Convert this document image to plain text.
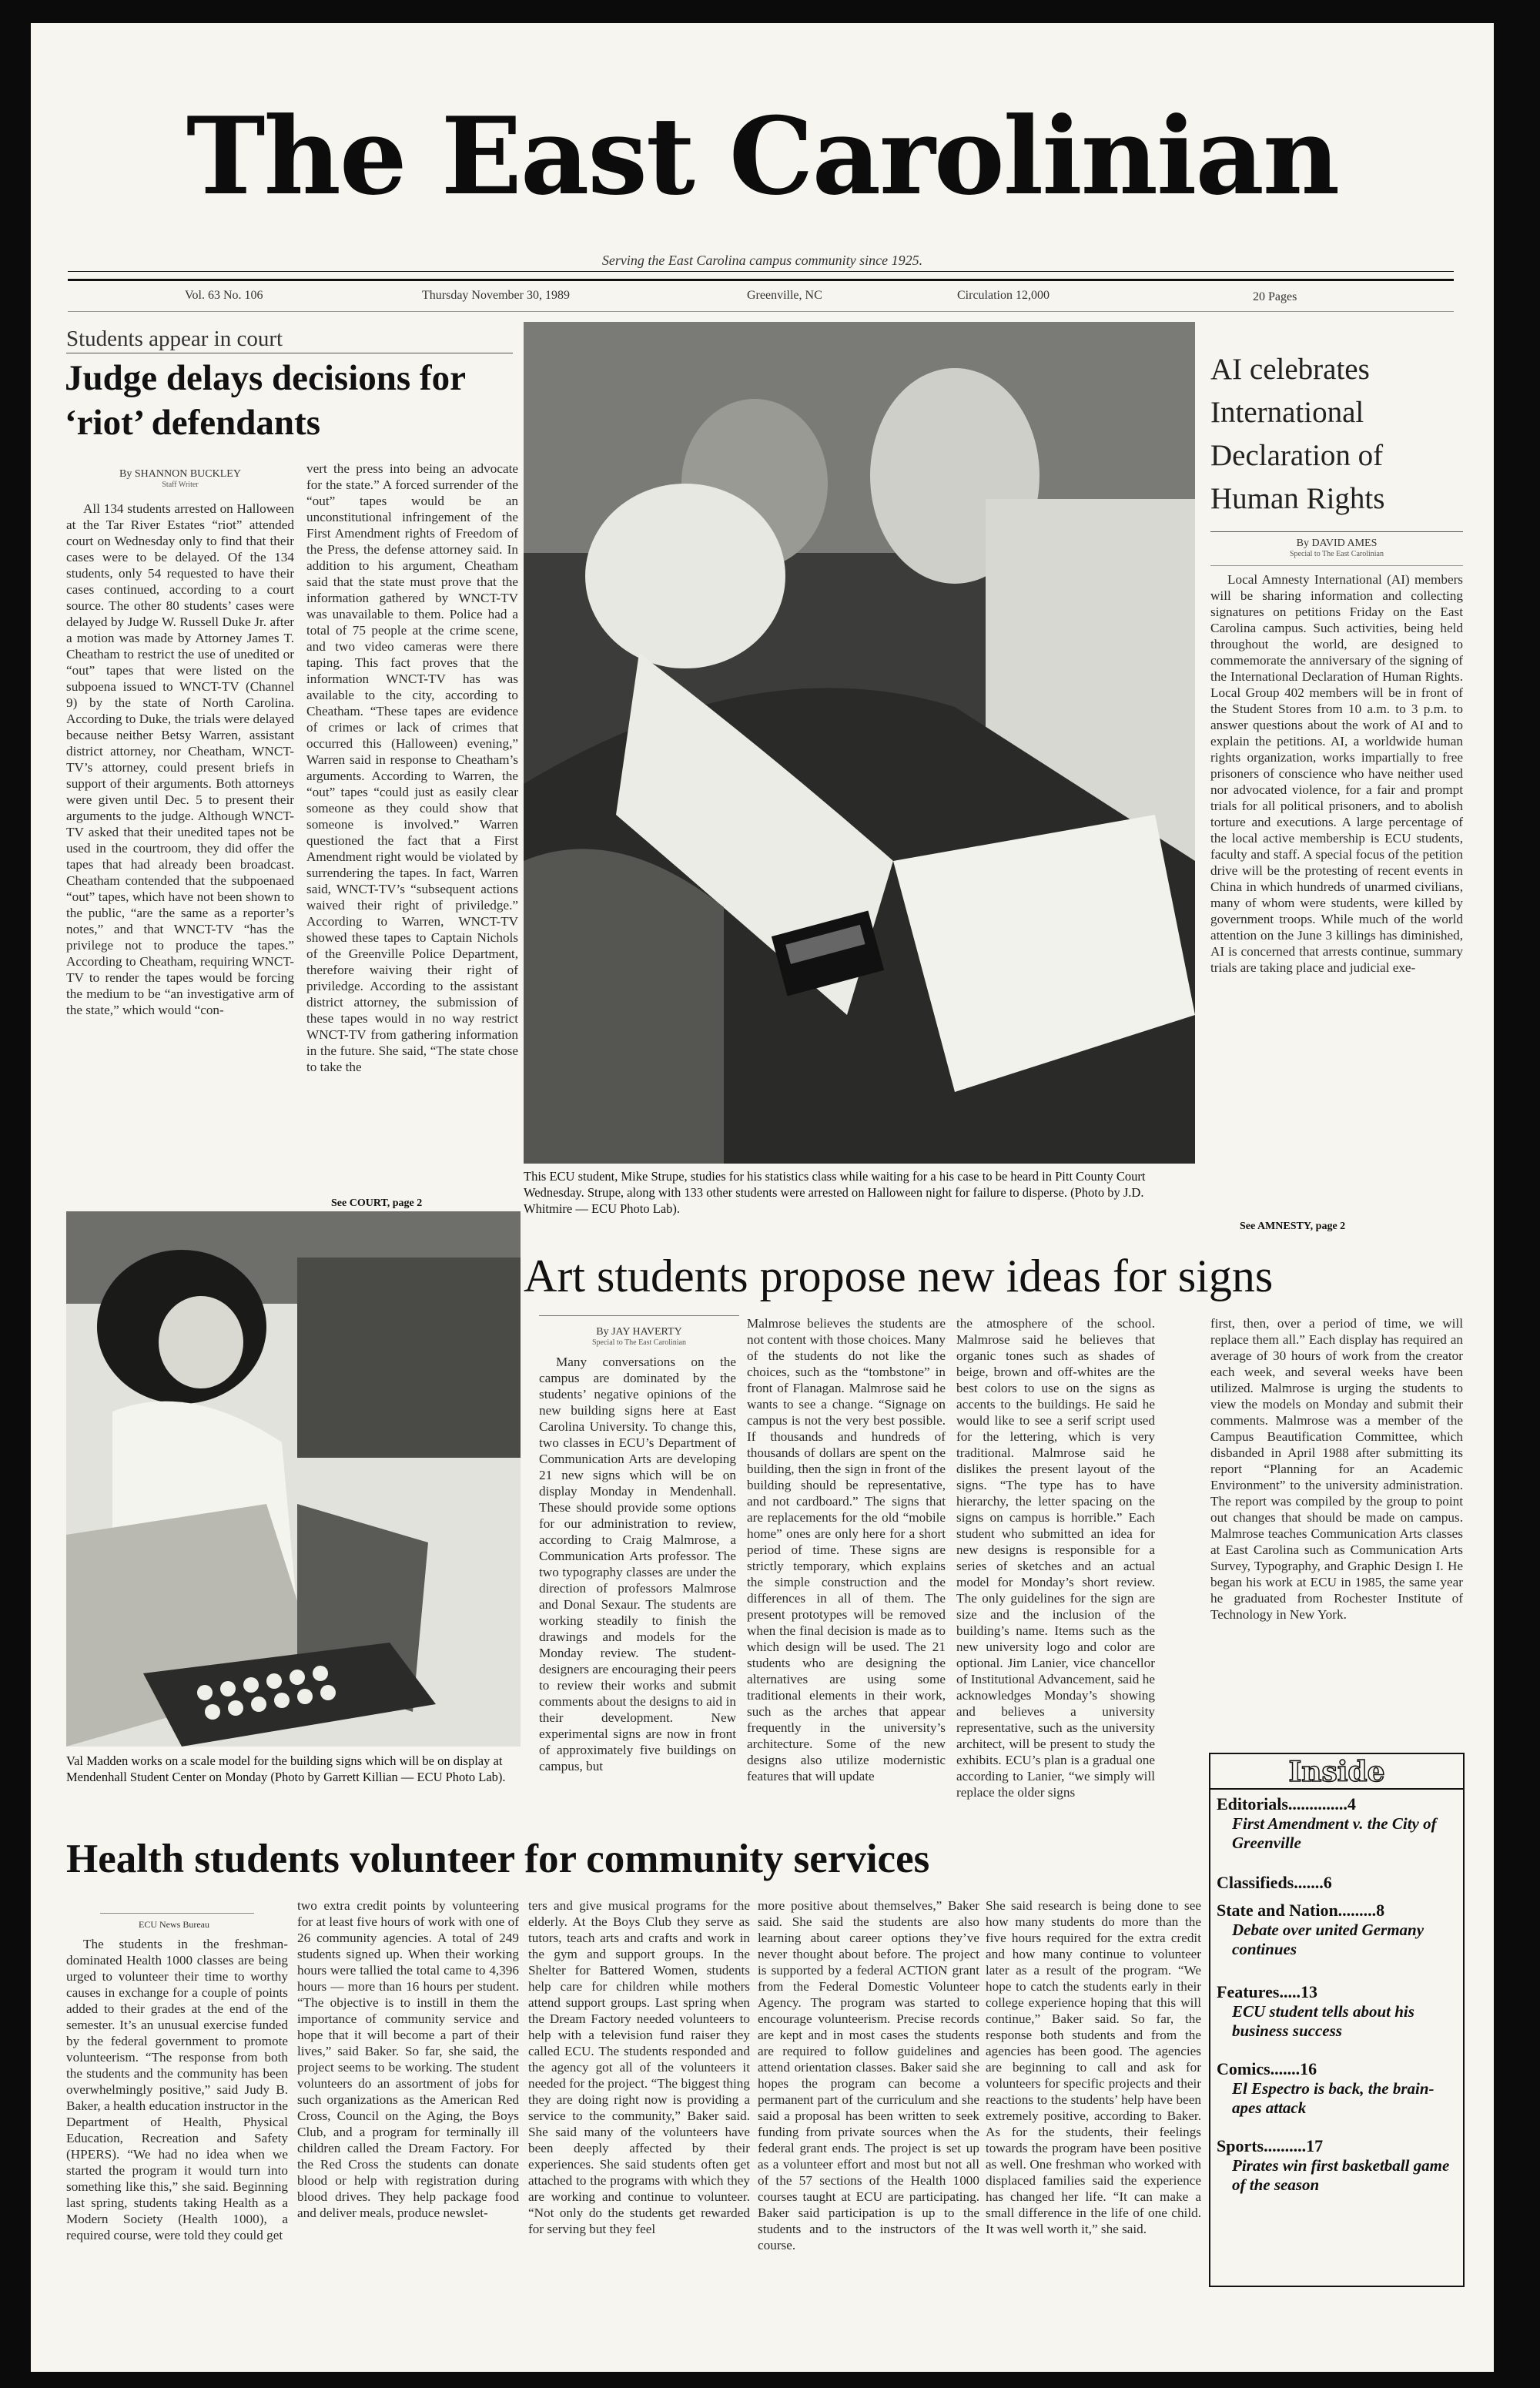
The East Carolinian
Serving the East Carolina campus community since 1925.
Vol. 63 No. 106	Thursday November 30, 1989	Greenville, NC	Circulation 12,000	20 Pages
Students appear in court
Judge delays decisions for ‘riot’ defendants
By SHANNON BUCKLEY
Staff Writer

All 134 students arrested on Halloween at the Tar River Estates “riot” attended court on Wednesday only to find that their cases were to be delayed. Of the 134 students, only 54 requested to have their cases continued, according to a court source. The other 80 students’ cases were delayed by Judge W. Russell Duke Jr. after a motion was made by Attorney James T. Cheatham to restrict the use of unedited or “out” tapes that were listed on the subpoena issued to WNCT-TV (Channel 9) by the state of North Carolina. According to Duke, the trials were delayed because neither Betsy Warren, assistant district attorney, nor Cheatham, WNCT-TV’s attorney, could present briefs in support of their arguments. Both attorneys were given until Dec. 5 to present their arguments to the judge. Although WNCT-TV asked that their unedited tapes not be used in the courtroom, they did offer the tapes that had already been broadcast. Cheatham contended that the subpoenaed “out” tapes, which have not been shown to the public, “are the same as a reporter’s notes,” and that WNCT-TV “has the privilege not to produce the tapes.” According to Cheatham, requiring WNCT-TV to render the tapes would be forcing the medium to be “an investigative arm of the state,” which would “con-

vert the press into being an advocate for the state.” A forced surrender of the “out” tapes would be an unconstitutional infringement of the First Amendment rights of Freedom of the Press, the defense attorney said. In addition to his argument, Cheatham said that the state must prove that the information gathered by WNCT-TV was unavailable to them. Police had a total of 75 people at the crime scene, and two video cameras were there taping. This fact proves that the information WNCT-TV has was available to the city, according to Cheatham. “These tapes are evidence of crimes or lack of crimes that occurred this (Halloween) evening,” Warren said in response to Cheatham’s arguments. According to Warren, the “out” tapes “could just as easily clear someone as they could show that someone is involved.” Warren questioned the fact that a First Amendment right would be violated by surrendering the tapes. In fact, Warren said, WNCT-TV’s “subsequent actions waived their right of priviledge.” According to Warren, WNCT-TV showed these tapes to Captain Nichols of the Greenville Police Department, therefore waiving their right of priviledge. According to the assistant district attorney, the submission of these tapes would in no way restrict WNCT-TV from gathering information in the future. She said, “The state chose to take the

See COURT, page 2
This ECU student, Mike Strupe, studies for his statistics class while waiting for a his case to be heard in Pitt County Court Wednesday. Strupe, along with 133 other students were arrested on Halloween night for failure to disperse. (Photo by J.D. Whitmire — ECU Photo Lab).
AI celebrates International Declaration of Human Rights
By DAVID AMES
Special to The East Carolinian

Local Amnesty International (AI) members will be sharing information and collecting signatures on petitions Friday on the East Carolina campus. Such activities, being held throughout the world, are designed to commemorate the anniversary of the signing of the International Declaration of Human Rights. Local Group 402 members will be in front of the Student Stores from 10 a.m. to 3 p.m. to answer questions about the work of AI and to explain the petitions. AI, a worldwide human rights organization, works impartially to free prisoners of conscience who have neither used nor advocated violence, for a fair and prompt trials for all political prisoners, and to abolish torture and executions. A large percentage of the local active membership is ECU students, faculty and staff. A special focus of the petition drive will be the protesting of recent events in China in which hundreds of unarmed civilians, many of whom were students, were killed by government troops. While much of the world attention on the June 3 killings has diminished, AI is concerned that arrests continue, summary trials are taking place and judicial exe-

See AMNESTY, page 2
Val Madden works on a scale model for the building signs which will be on display at Mendenhall Student Center on Monday (Photo by Garrett Killian — ECU Photo Lab).
Art students propose new ideas for signs
By JAY HAVERTY
Special to The East Carolinian

Many conversations on the campus are dominated by the students’ negative opinions of the new building signs here at East Carolina University. To change this, two classes in ECU’s Department of Communication Arts are developing 21 new signs which will be on display Monday in Mendenhall. These should provide some options for our administration to review, according to Craig Malmrose, a Communication Arts professor. The two typography classes are under the direction of professors Malmrose and Donal Sexaur. The students are working steadily to finish the drawings and models for the Monday review. The student-designers are encouraging their peers to review their works and submit comments about the designs to aid in their development. New experimental signs are now in front of approximately five buildings on campus, but

Malmrose believes the students are not content with those choices. Many of the students do not like the choices, such as the “tombstone” in front of Flanagan. Malmrose said he wants to see a change. “Signage on campus is not the very best possible. If thousands and hundreds of thousands of dollars are spent on the building, then the sign in front of the building should be representative, and not cardboard.” The signs that are replacements for the old “mobile home” ones are only here for a short period of time. These signs are strictly temporary, which explains the simple construction and the differences in all of them. The present prototypes will be removed when the final decision is made as to which design will be used. The 21 students who are designing the alternatives are using some traditional elements in their work, such as the arches that appear frequently in the university’s architecture. Some of the new designs also utilize modernistic features that will update

the atmosphere of the school. Malmrose said he believes that organic tones such as shades of beige, brown and off-whites are the best colors to use on the signs as accents to the buildings. He said he would like to see a serif script used for the lettering, which is very traditional. Malmrose said he dislikes the present layout of the signs. “The type has to have hierarchy, the letter spacing on the signs on campus is horrible.” Each student who submitted an idea for new designs is responsible for a series of sketches and an actual model for Monday’s short review. The only guidelines for the sign are size and the inclusion of the building’s name. Items such as the new university logo and color are optional. Jim Lanier, vice chancellor of Institutional Advancement, said he acknowledges Monday’s showing and believes a university representative, such as the university architect, will be present to study the exhibits. ECU’s plan is a gradual one according to Lanier, “we simply will replace the older signs

first, then, over a period of time, we will replace them all.” Each display has required an average of 30 hours of work from the creator each week, and several weeks have been utilized. Malmrose is urging the students to view the models on Monday and submit their comments. Malmrose was a member of the Campus Beautification Committee, which disbanded in April 1988 after submitting its report “Planning for an Academic Environment” to the university administration. The report was compiled by the group to point out changes that should be made on campus. Malmrose teaches Communication Arts classes at East Carolina such as Communication Arts Survey, Typography, and Graphic Design I. He began his work at ECU in 1985, the same year he graduated from Rochester Institute of Technology in New York.

Inside
Editorials..............4
First Amendment v. the City of Greenville
Classifieds.......6
State and Nation.........8
Debate over united Germany continues
Features.....13
ECU student tells about his business success
Comics.......16
El Espectro is back, the brain-apes attack
Sports..........17
Pirates win first basketball game of the season
Health students volunteer for community services
ECU News Bureau

The students in the freshman-dominated Health 1000 classes are being urged to volunteer their time to worthy causes in exchange for a couple of points added to their grades at the end of the semester. It’s an unusual exercise funded by the federal government to promote volunteerism. “The response from both the students and the community has been overwhelmingly positive,” said Judy B. Baker, a health education instructor in the Department of Health, Physical Education, Recreation and Safety (HPERS). “We had no idea when we started the program it would turn into something like this,” she said. Beginning last spring, students taking Health as a Modern Society (Health 1000), a required course, were told they could get

two extra credit points by volunteering for at least five hours of work with one of 26 community agencies. A total of 249 students signed up. When their working hours were tallied the total came to 4,396 hours — more than 16 hours per student. “The objective is to instill in them the importance of community service and hope that it will become a part of their lives,” said Baker. So far, she said, the project seems to be working. The student volunteers do an assortment of jobs for such organizations as the American Red Cross, Council on the Aging, the Boys Club, and a program for terminally ill children called the Dream Factory. For the Red Cross the students can donate blood or help with registration during blood drives. They help package food and deliver meals, produce newslet-

ters and give musical programs for the elderly. At the Boys Club they serve as tutors, teach arts and crafts and work in the gym and support groups. In the Shelter for Battered Women, students help care for children while mothers attend support groups. Last spring when the Dream Factory needed volunteers to help with a television fund raiser they called ECU. The students responded and the agency got all of the volunteers it needed for the project. “The biggest thing they are doing right now is providing a service to the community,” Baker said. She said many of the volunteers have been deeply affected by their experiences. She said students often get attached to the programs with which they are working and continue to volunteer. “Not only do the students get rewarded for serving but they feel

more positive about themselves,” Baker said. She said the students are also learning about career options they’ve never thought about before. The project is supported by a federal ACTION grant from the Federal Domestic Volunteer Agency. The program was started to encourage volunteerism. Precise records are kept and in most cases the students are required to follow guidelines and attend orientation classes. Baker said she hopes the program can become a permanent part of the curriculum and she said a proposal has been written to seek funding from private sources when the federal grant ends. The project is set up as a volunteer effort and most but not all of the 57 sections of the Health 1000 courses taught at ECU are participating. Baker said participation is up to the students and to the instructors of the course.

She said research is being done to see how many students do more than the five hours required for the extra credit and how many continue to volunteer later as a result of the program. “We hope to catch the students early in their college experience hoping that this will continue,” Baker said. So far, the response both students and from the agencies has been good. The agencies are beginning to call and ask for volunteers for specific projects and their reactions to the students’ help have been extremely positive, according to Baker. As for the students, their feelings towards the program have been positive as well. One freshman who worked with displaced families said the experience has changed her life. “It can make a small difference in the life of one child. It was well worth it,” she said.
